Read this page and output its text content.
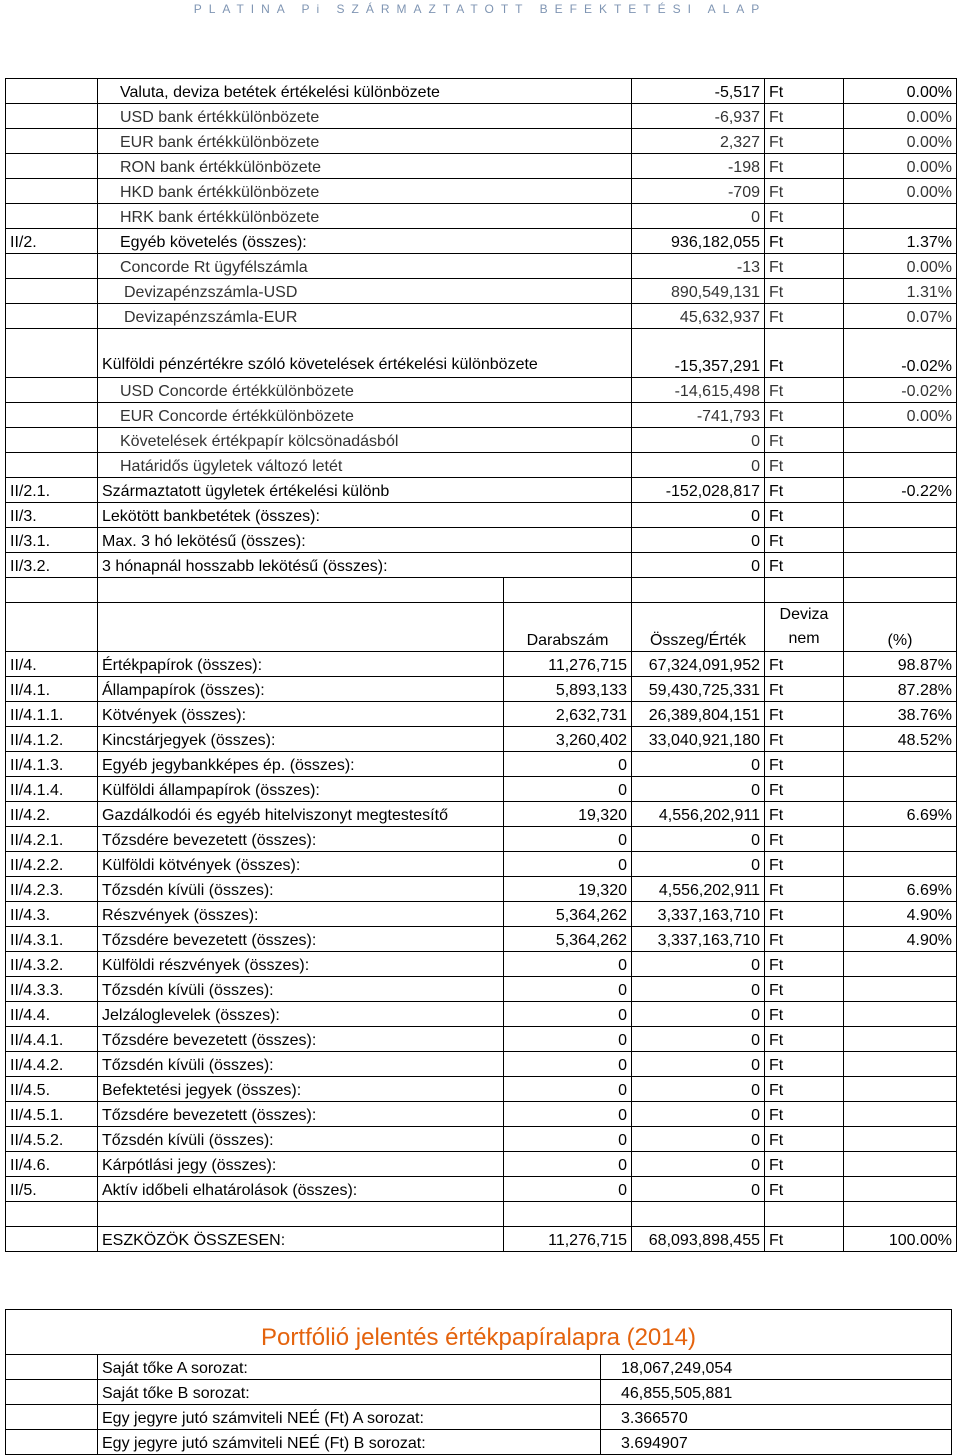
PLATINA Pi SZÁRMAZTATOTT BEFEKTETÉSI ALAP
	Valuta, deviza betétek értékelési különbözete		-5,517	Ft	0.00%
	USD bank értékkülönbözete		-6,937	Ft	0.00%
	EUR bank értékkülönbözete		2,327	Ft	0.00%
	RON bank értékkülönbözete		-198	Ft	0.00%
	HKD bank értékkülönbözete		-709	Ft	0.00%
	HRK bank értékkülönbözete		0	Ft	
II/2.	Egyéb követelés (összes):		936,182,055	Ft	1.37%
	Concorde Rt ügyfélszámla		-13	Ft	0.00%
	Devizapénzszámla-USD		890,549,131	Ft	1.31%
	Devizapénzszámla-EUR		45,632,937	Ft	0.07%
	Külföldi pénzértékre szóló követelések értékelési különbözete		-15,357,291	Ft	-0.02%
	USD Concorde értékkülönbözete		-14,615,498	Ft	-0.02%
	EUR Concorde értékkülönbözete		-741,793	Ft	0.00%
	Követelések értékpapír kölcsönadásból		0	Ft	
	Határidős ügyletek változó letét		0	Ft	
II/2.1.	Származtatott ügyletek értékelési különb		-152,028,817	Ft	-0.22%
II/3.	Lekötött bankbetétek (összes):		0	Ft	
II/3.1.	Max. 3 hó lekötésű (összes):		0	Ft	
II/3.2.	3 hónapnál hosszabb lekötésű (összes):		0	Ft	

		Darabszám	Összeg/Érték	Deviza nem	(%)
II/4.	Értékpapírok (összes):	11,276,715	67,324,091,952	Ft	98.87%
II/4.1.	Állampapírok (összes):	5,893,133	59,430,725,331	Ft	87.28%
II/4.1.1.	Kötvények (összes):	2,632,731	26,389,804,151	Ft	38.76%
II/4.1.2.	Kincstárjegyek (összes):	3,260,402	33,040,921,180	Ft	48.52%
II/4.1.3.	Egyéb jegybankképes ép. (összes):	0	0	Ft	
II/4.1.4.	Külföldi állampapírok (összes):	0	0	Ft	
II/4.2.	Gazdálkodói és egyéb hitelviszonyt megtestesítő	19,320	4,556,202,911	Ft	6.69%
II/4.2.1.	Tőzsdére bevezetett (összes):	0	0	Ft	
II/4.2.2.	Külföldi kötvények (összes):	0	0	Ft	
II/4.2.3.	Tőzsdén kívüli (összes):	19,320	4,556,202,911	Ft	6.69%
II/4.3.	Részvények (összes):	5,364,262	3,337,163,710	Ft	4.90%
II/4.3.1.	Tőzsdére bevezetett (összes):	5,364,262	3,337,163,710	Ft	4.90%
II/4.3.2.	Külföldi részvények (összes):	0	0	Ft	
II/4.3.3.	Tőzsdén kívüli (összes):	0	0	Ft	
II/4.4.	Jelzáloglevelek (összes):	0	0	Ft	
II/4.4.1.	Tőzsdére bevezetett (összes):	0	0	Ft	
II/4.4.2.	Tőzsdén kívüli (összes):	0	0	Ft	
II/4.5.	Befektetési jegyek (összes):	0	0	Ft	
II/4.5.1.	Tőzsdére bevezetett (összes):	0	0	Ft	
II/4.5.2.	Tőzsdén kívüli (összes):	0	0	Ft	
II/4.6.	Kárpótlási jegy (összes):	0	0	Ft	
II/5.	Aktív időbeli elhatárolások (összes):	0	0	Ft	

	ESZKÖZÖK ÖSSZESEN:	11,276,715	68,093,898,455	Ft	100.00%
Portfólió jelentés értékpapíralapra (2014)		
	Saját tőke A sorozat:	18,067,249,054
	Saját tőke B sorozat:	46,855,505,881
	Egy jegyre jutó számviteli NEÉ (Ft) A sorozat:	3.366570
	Egy jegyre jutó számviteli NEÉ (Ft) B sorozat:	3.694907
